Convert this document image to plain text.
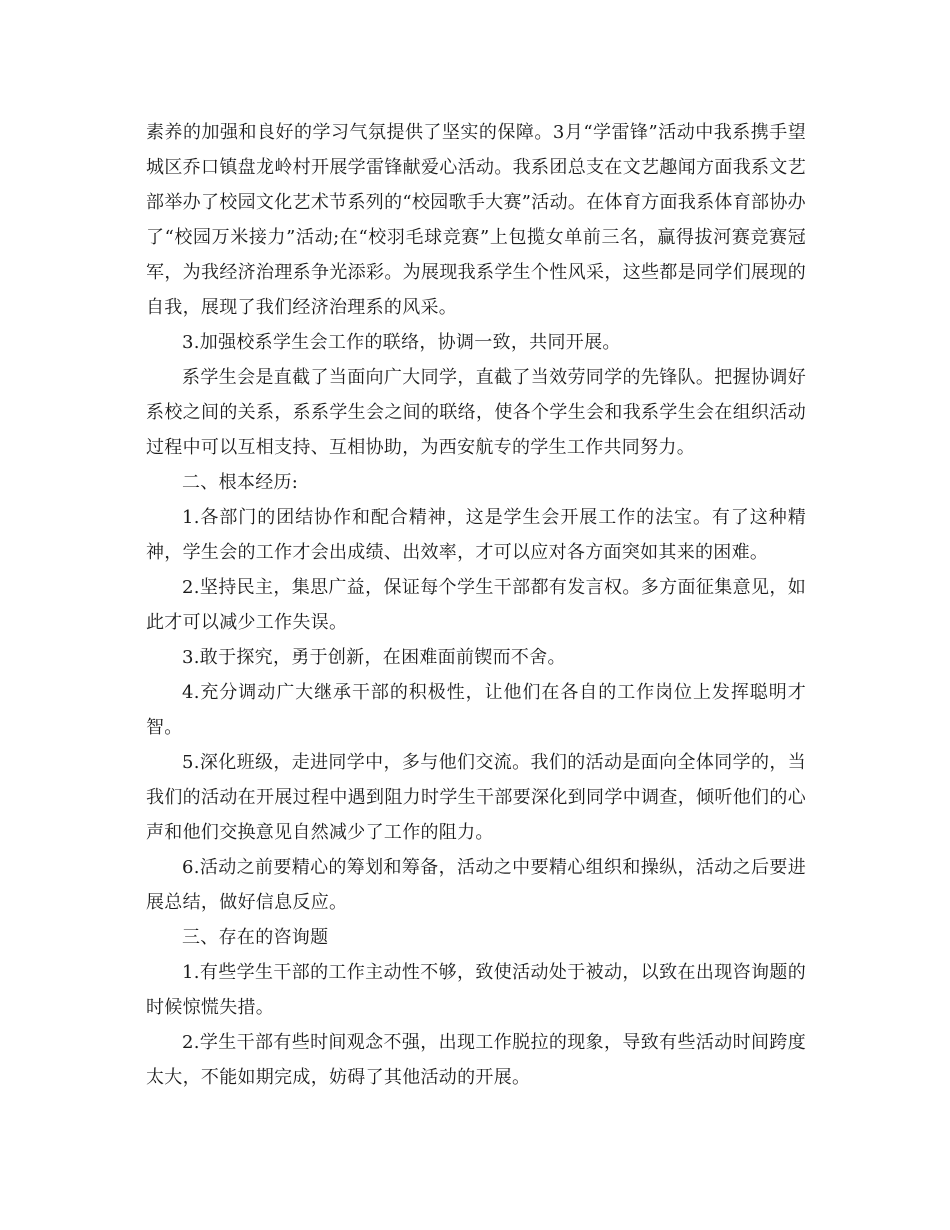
素养的加强和良好的学习气氛提供了坚实的保障。3月“学雷锋”活动中我系携手望城区乔口镇盘龙岭村开展学雷锋献爱心活动。我系团总支在文艺趣闻方面我系文艺部举办了校园文化艺术节系列的“校园歌手大赛”活动。在体育方面我系体育部协办了“校园万米接力”活动;在“校羽毛球竞赛”上包揽女单前三名，赢得拔河赛竞赛冠军，为我经济治理系争光添彩。为展现我系学生个性风采，这些都是同学们展现的自我，展现了我们经济治理系的风采。

3.加强校系学生会工作的联络，协调一致，共同开展。

系学生会是直截了当面向广大同学，直截了当效劳同学的先锋队。把握协调好系校之间的关系，系系学生会之间的联络，使各个学生会和我系学生会在组织活动过程中可以互相支持、互相协助，为西安航专的学生工作共同努力。

二、根本经历:

1.各部门的团结协作和配合精神，这是学生会开展工作的法宝。有了这种精神，学生会的工作才会出成绩、出效率，才可以应对各方面突如其来的困难。

2.坚持民主，集思广益，保证每个学生干部都有发言权。多方面征集意见，如此才可以减少工作失误。

3.敢于探究，勇于创新，在困难面前锲而不舍。

4.充分调动广大继承干部的积极性，让他们在各自的工作岗位上发挥聪明才智。

5.深化班级，走进同学中，多与他们交流。我们的活动是面向全体同学的，当我们的活动在开展过程中遇到阻力时学生干部要深化到同学中调查，倾听他们的心声和他们交换意见自然减少了工作的阻力。

6.活动之前要精心的筹划和筹备，活动之中要精心组织和操纵，活动之后要进展总结，做好信息反应。

三、存在的咨询题

1.有些学生干部的工作主动性不够，致使活动处于被动，以致在出现咨询题的时候惊慌失措。

2.学生干部有些时间观念不强，出现工作脱拉的现象，导致有些活动时间跨度太大，不能如期完成，妨碍了其他活动的开展。
